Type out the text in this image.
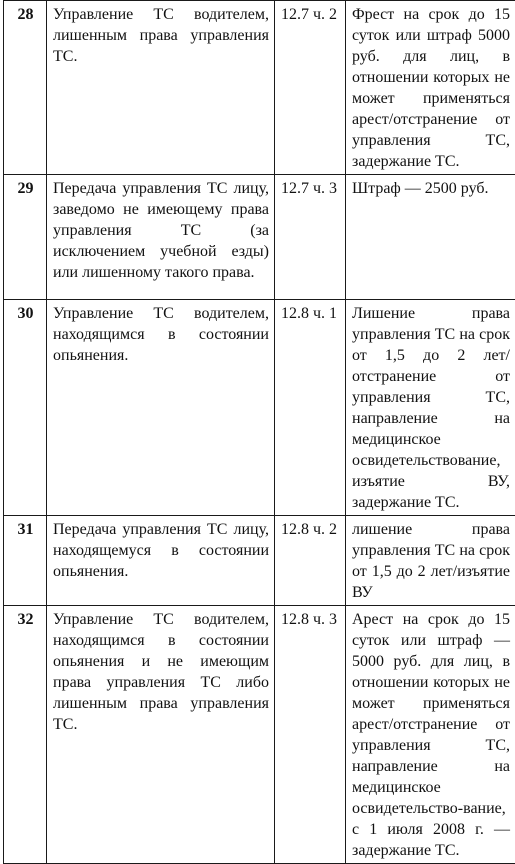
28	Управление ТС водителем, лишенным права управления ТС.	12.7 ч. 2	Фрест на срок до 15 суток или штраф 5000 руб. для лиц, в отношении которых не может применяться арест/отстранение от управления ТС, задержание ТС.
29	Передача управления ТС лицу, заведомо не имеющему права управления ТС (за исключением учебной езды) или лишенному такого права.	12.7 ч. 3	Штраф — 2500 руб.
30	Управление ТС водителем, находящимся в состоянии опьянения.	12.8 ч. 1	Лишение права управления ТС на срок от 1,5 до 2 лет/отстранение от управления ТС, направление на медицинское освидетельствование, изъятие ВУ, задержание ТС.
31	Передача управления ТС лицу, находящемуся в состоянии опьянения.	12.8 ч. 2	лишение права управления ТС на срок от 1,5 до 2 лет/изъятие ВУ
32	Управление ТС водителем, находящимся в состоянии опьянения и не имеющим права управления ТС либо лишенным права управления ТС.	12.8 ч. 3	Арест на срок до 15 суток или штраф — 5000 руб. для лиц, в отношении которых не может применяться арест/отстранение от управления ТС, направление на медицинское освидетельство-вание, с 1 июля 2008 г. — задержание ТС.
